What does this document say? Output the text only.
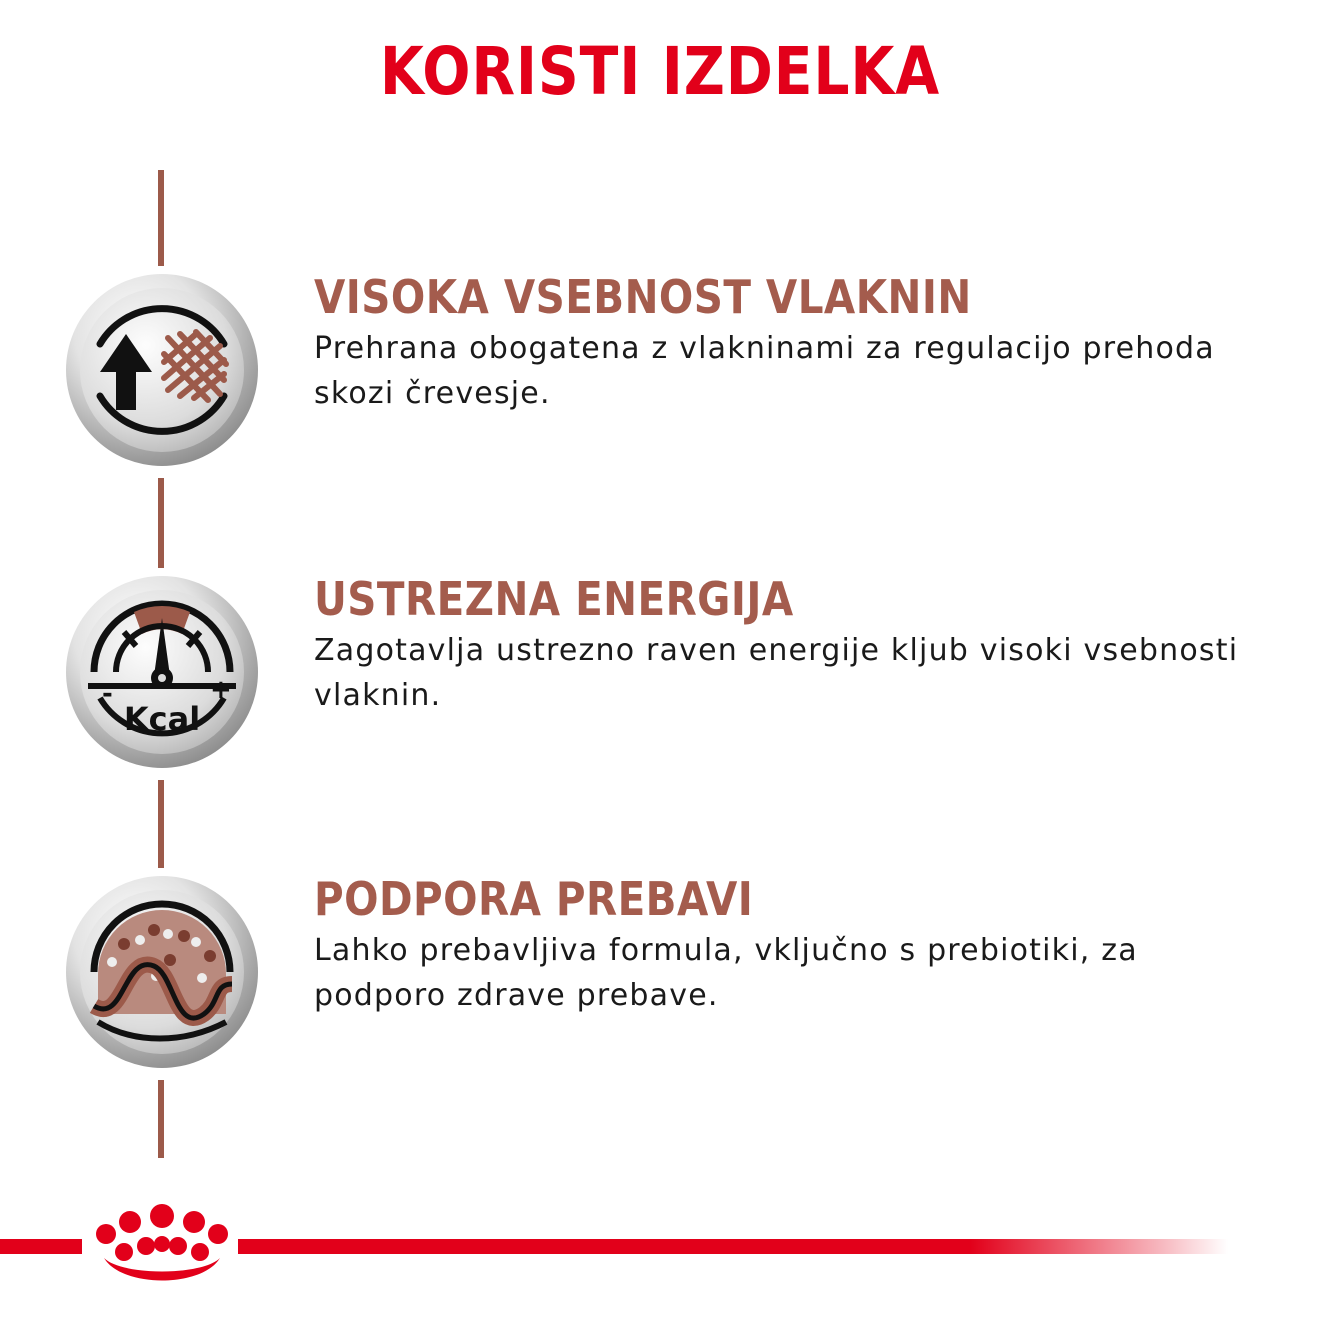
KORISTI IZDELKA
VISOKA VSEBNOST VLAKNIN
Prehrana obogatena z vlakninami za regulacijo prehoda skozi črevesje.
-	+
Kcal
USTREZNA ENERGIJA
Zagotavlja ustrezno raven energije kljub visoki vsebnosti vlaknin.
PODPORA PREBAVI
Lahko prebavljiva formula, vključno s prebiotiki, za podporo zdrave prebave.
